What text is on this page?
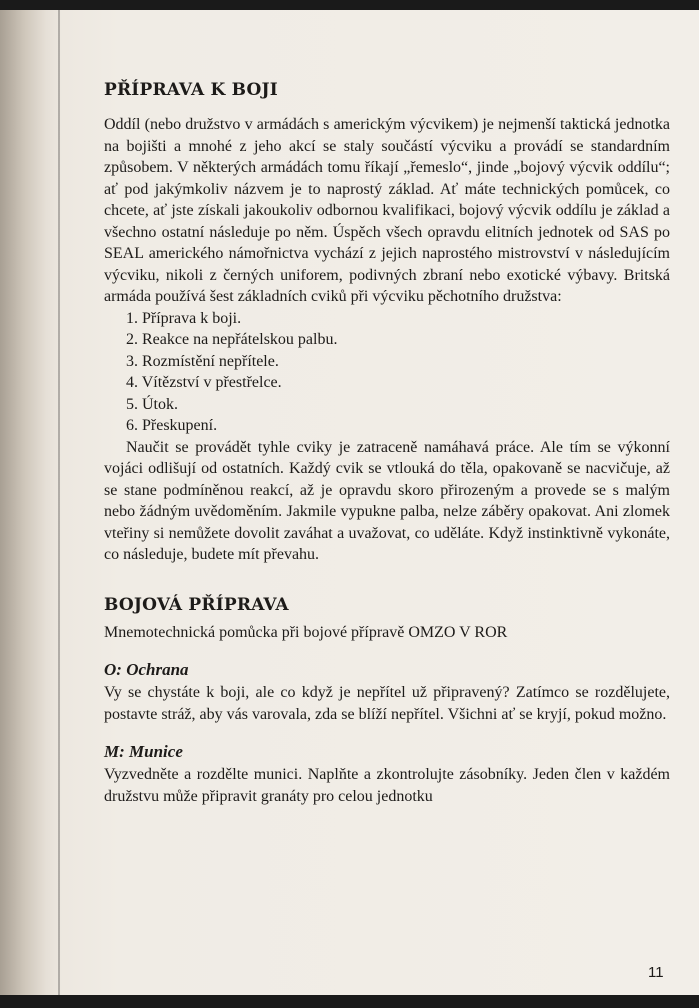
PŘÍPRAVA K BOJI

Oddíl (nebo družstvo v armádách s americkým výcvikem) je nejmenší taktická jednotka na bojišti a mnohé z jeho akcí se staly součástí výcviku a provádí se standardním způsobem. V některých armádách tomu říkají „řemeslo“, jinde „bojový výcvik oddílu“; ať pod jakýmkoliv názvem je to naprostý základ. Ať máte technických pomůcek, co chcete, ať jste získali jakoukoliv odbornou kvalifikaci, bojový výcvik oddílu je základ a všechno ostatní následuje po něm. Úspěch všech opravdu elitních jednotek od SAS po SEAL amerického námořnictva vychází z jejich naprostého mistrovství v následujícím výcviku, nikoli z černých uniforem, podivných zbraní nebo exotické výbavy. Britská armáda používá šest základních cviků při výcviku pěchotního družstva:

1. Příprava k boji.
2. Reakce na nepřátelskou palbu.
3. Rozmístění nepřítele.
4. Vítězství v přestřelce.
5. Útok.
6. Přeskupení.

Naučit se provádět tyhle cviky je zatraceně namáhavá práce. Ale tím se výkonní vojáci odlišují od ostatních. Každý cvik se vtlouká do těla, opakovaně se nacvičuje, až se stane podmíněnou reakcí, až je opravdu skoro přirozeným a provede se s malým nebo žádným uvědoměním. Jakmile vypukne palba, nelze záběry opakovat. Ani zlomek vteřiny si nemůžete dovolit zaváhat a uvažovat, co uděláte. Když instinktivně vykonáte, co následuje, budete mít převahu.

BOJOVÁ PŘÍPRAVA

Mnemotechnická pomůcka při bojové přípravě OMZO V ROR

O: Ochrana

Vy se chystáte k boji, ale co když je nepřítel už připravený? Zatímco se rozdělujete, postavte stráž, aby vás varovala, zda se blíží nepřítel. Všichni ať se kryjí, pokud možno.

M: Munice

Vyzvedněte a rozdělte munici. Naplňte a zkontrolujte zásobníky. Jeden člen v každém družstvu může připravit granáty pro celou jednotku

11
